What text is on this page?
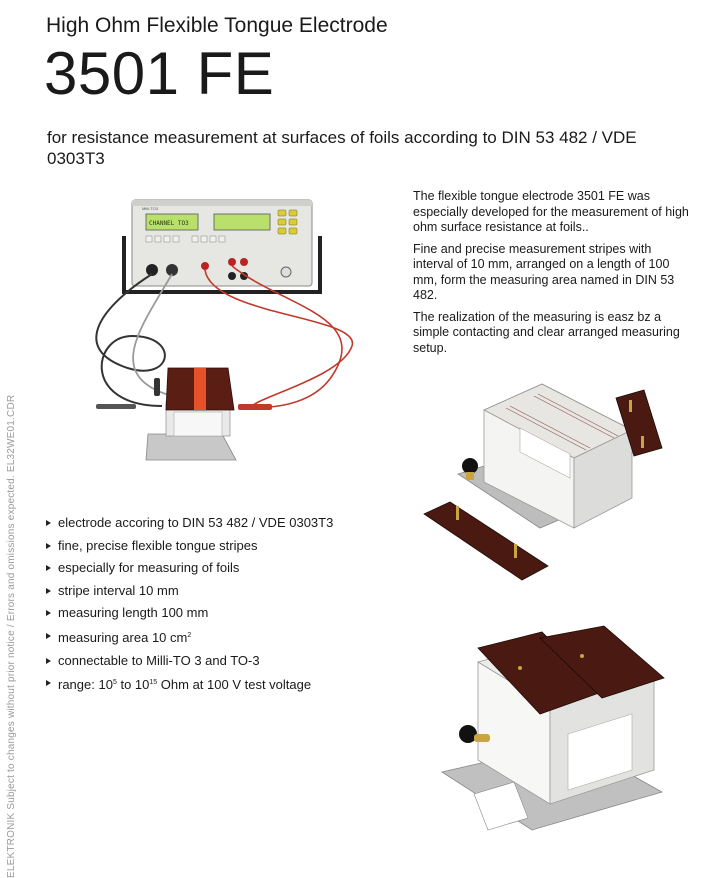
High Ohm Flexible Tongue Electrode
3501 FE
for resistance measurement at surfaces of foils according to DIN 53 482 / VDE 0303T3

The flexible tongue electrode 3501 FE was especially developed for the measurement of high ohm surface resistance at foils..

Fine and precise measurement stripes with interval of 10 mm, arranged on a length of 100 mm, form the measuring area named in DIN 53 482.

The realization of the measuring is easz bz a simple contacting and clear arranged measuring setup.

Milli-TO3
CHANNEL TO3
electrode accoring to DIN 53 482 / VDE 0303T3
fine, precise flexible tongue stripes
especially for measuring of foils
stripe interval 10 mm
measuring length 100 mm
measuring area 10 $cm^2$
connectable to Milli-TO 3 and TO-3
range: $10^5$ to $10^{15}$ Ohm at 100 V test voltage
ELEKTRONIK Subject to changes without prior notice / Errors and omissions expected. EL32WE01.CDR
